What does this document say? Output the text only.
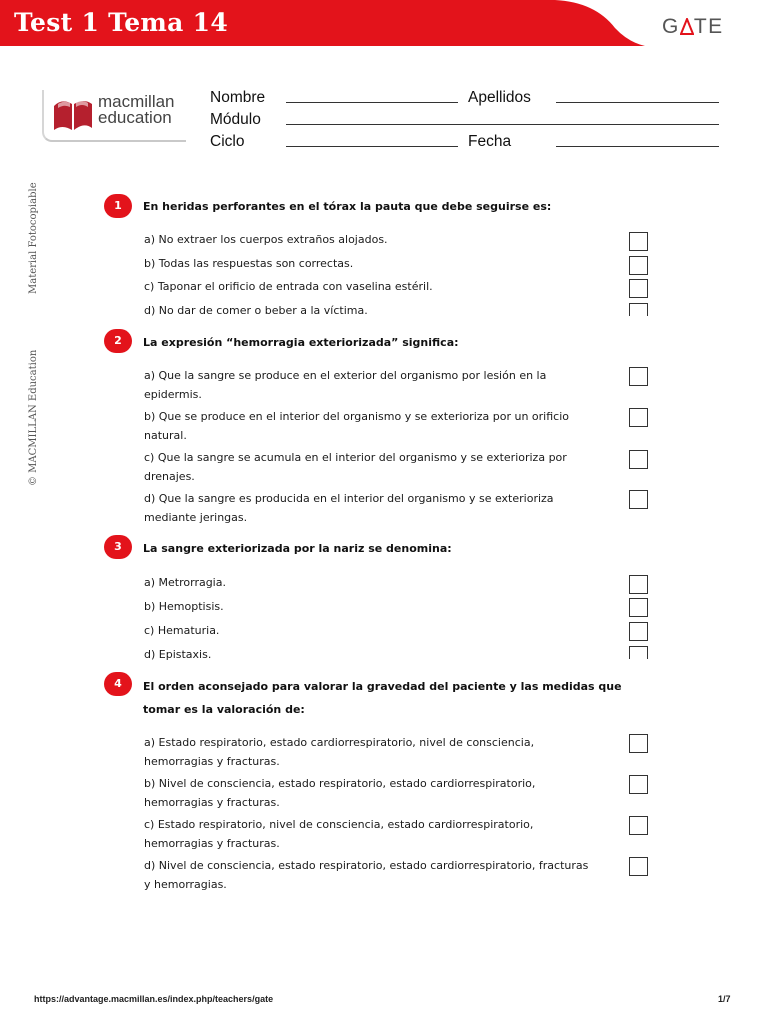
Test 1 Tema 14	G TE
macmillan
education
Nombre	Apellidos
Módulo
Ciclo	Fecha
Material Fotocopiable
© MACMILLAN Education
1	En heridas perforantes en el tórax la pauta que debe seguirse es:
a) No extraer los cuerpos extraños alojados.
b) Todas las respuestas son correctas.
c) Taponar el orificio de entrada con vaselina estéril.
d) No dar de comer o beber a la víctima.
2	La expresión “hemorragia exteriorizada” significa:
a) Que la sangre se produce en el exterior del organismo por lesión en la epidermis.
b) Que se produce en el interior del organismo y se exterioriza por un orificio natural.
c) Que la sangre se acumula en el interior del organismo y se exterioriza por drenajes.
d) Que la sangre es producida en el interior del organismo y se exterioriza mediante jeringas.
3	La sangre exteriorizada por la nariz se denomina:
a) Metrorragia.
b) Hemoptisis.
c) Hematuria.
d) Epistaxis.
4	El orden aconsejado para valorar la gravedad del paciente y las medidas que tomar es la valoración de:
a) Estado respiratorio, estado cardiorrespiratorio, nivel de consciencia, hemorragias y fracturas.
b) Nivel de consciencia, estado respiratorio, estado cardiorrespiratorio, hemorragias y fracturas.
c) Estado respiratorio, nivel de consciencia, estado cardiorrespiratorio, hemorragias y fracturas.
d) Nivel de consciencia, estado respiratorio, estado cardiorrespiratorio, fracturas y hemorragias.
https://advantage.macmillan.es/index.php/teachers/gate	1/7
